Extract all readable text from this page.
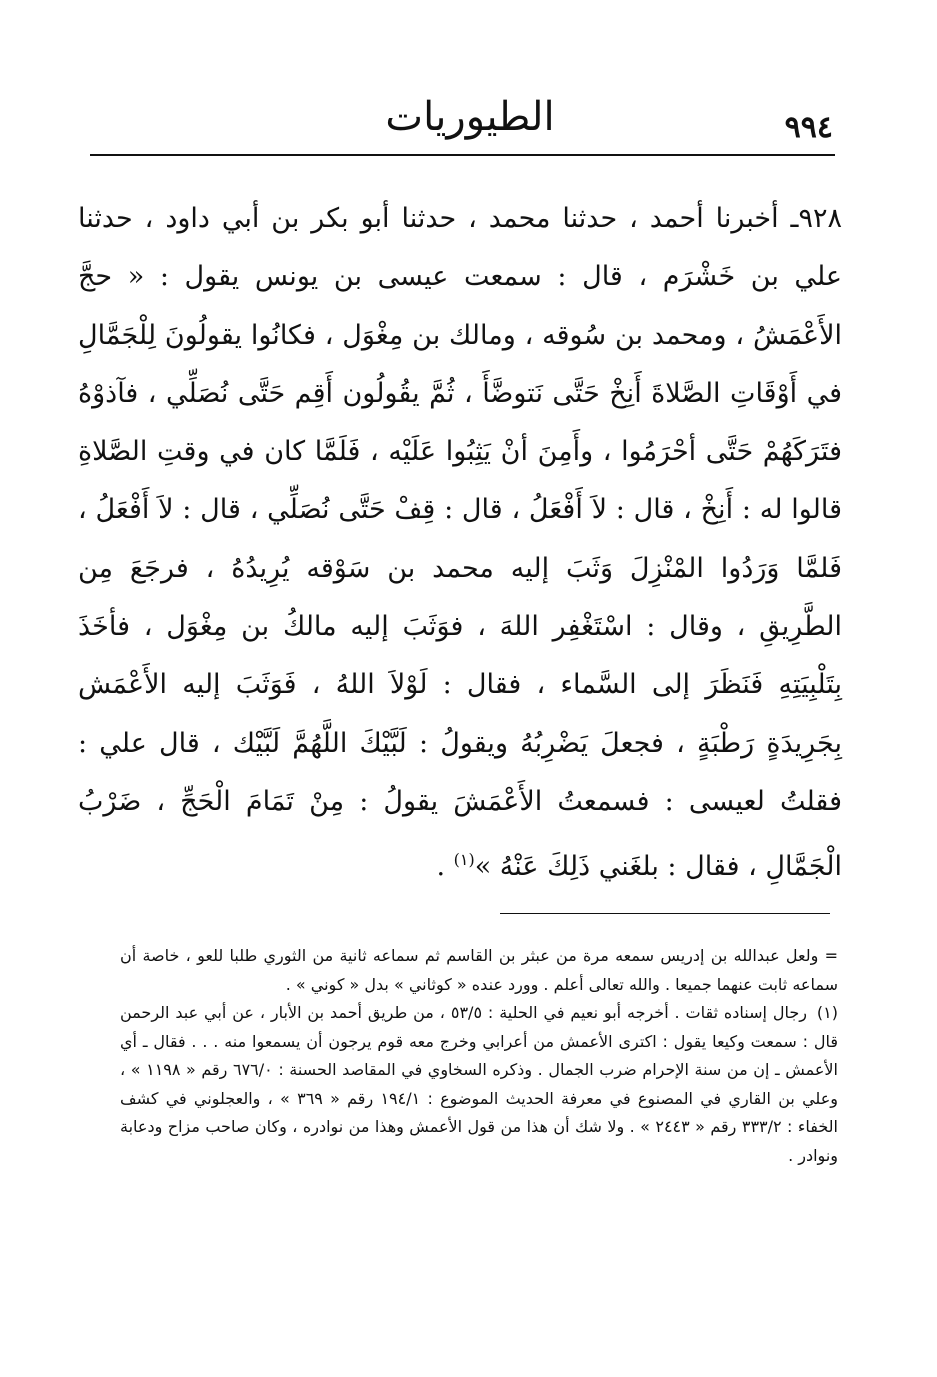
الطيوريات	٩٩٤

٩٢٨ـ أخبرنا أحمد ، حدثنا محمد ، حدثنا أبو بكر بن أبي داود ، حدثنا علي بن خَشْرَم ، قال : سمعت عيسى بن يونس يقول : « حجَّ الأَعْمَشُ ، ومحمد بن سُوقه ، ومالك بن مِغْوَل ، فكانُوا يقولُونَ لِلْجَمَّالِ في أَوْقَاتِ الصَّلاةَ أَنِخْ حَتَّى نَتوضَّأَ ، ثُمَّ يقُولُون أَقِم حَتَّى نُصَلِّي ، فآذوْهُ فتَرَكَهُمْ حَتَّى أحْرَمُوا ، وأَمِنَ أنْ يَثِبُوا عَلَيْه ، فَلَمَّا كان في وقتِ الصَّلاةِ قالوا له : أَنِخْ ، قال : لاَ أَفْعَلُ ، قال : قِفْ حَتَّى نُصَلِّي ، قال : لاَ أَفْعَلُ ، فَلمَّا وَرَدُوا المْنْزِلَ وَثَبَ إليه محمد بن سَوْقه يُرِيدُهُ ، فرجَعَ مِن الطَّرِيقِ ، وقال : اسْتَغْفِر اللهَ ، فوَثَبَ إليه مالكُ بن مِغْوَل ، فأخَذَ بِتَلْبِيَتِهِ فَنَظَرَ إلى السَّماء ، فقال : لَوْلاَ اللهُ ، فَوَثَبَ إليه الأَعْمَش بِجَرِيدَةٍ رَطْبَةٍ ، فجعلَ يَضْرِبُهُ ويقولُ : لَبَّيْكَ اللَّهُمَّ لَبَّيْك ، قال علي : فقلتُ لعيسى : فسمعتُ الأَعْمَشَ يقولُ : مِنْ تَمَامَ الْحَجِّ ، ضَرْبُ الْجَمَّالِ ، فقال : بلغَني ذَلِكَ عَنْهُ »$^{(١)}$ .

= ولعل عبدالله بن إدريس سمعه مرة من عبثر بن القاسم ثم سماعه ثانية من الثوري طلبا للعو ، خاصة أن سماعه ثابت عنهما جميعا . والله تعالى أعلم . وورد عنده « كوثاني » بدل « كوني » .

(١) رجال إسناده ثقات . أخرجه أبو نعيم في الحلية : ٥٣/٥ ، من طريق أحمد بن الأبار ، عن أبي عبد الرحمن قال : سمعت وكيعا يقول : اكترى الأعمش من أعرابي وخرج معه قوم يرجون أن يسمعوا منه . . . فقال ـ أي الأعمش ـ إن من سنة الإحرام ضرب الجمال . وذكره السخاوي في المقاصد الحسنة : ٦٧٦/٠ رقم « ١١٩٨ » ، وعلي بن القاري في المصنوع في معرفة الحديث الموضوع : ١٩٤/١ رقم « ٣٦٩ » ، والعجلوني في كشف الخفاء : ٣٣٣/٢ رقم « ٢٤٤٣ » . ولا شك أن هذا من قول الأعمش وهذا من نوادره ، وكان صاحب مزاح ودعابة ونوادر .
